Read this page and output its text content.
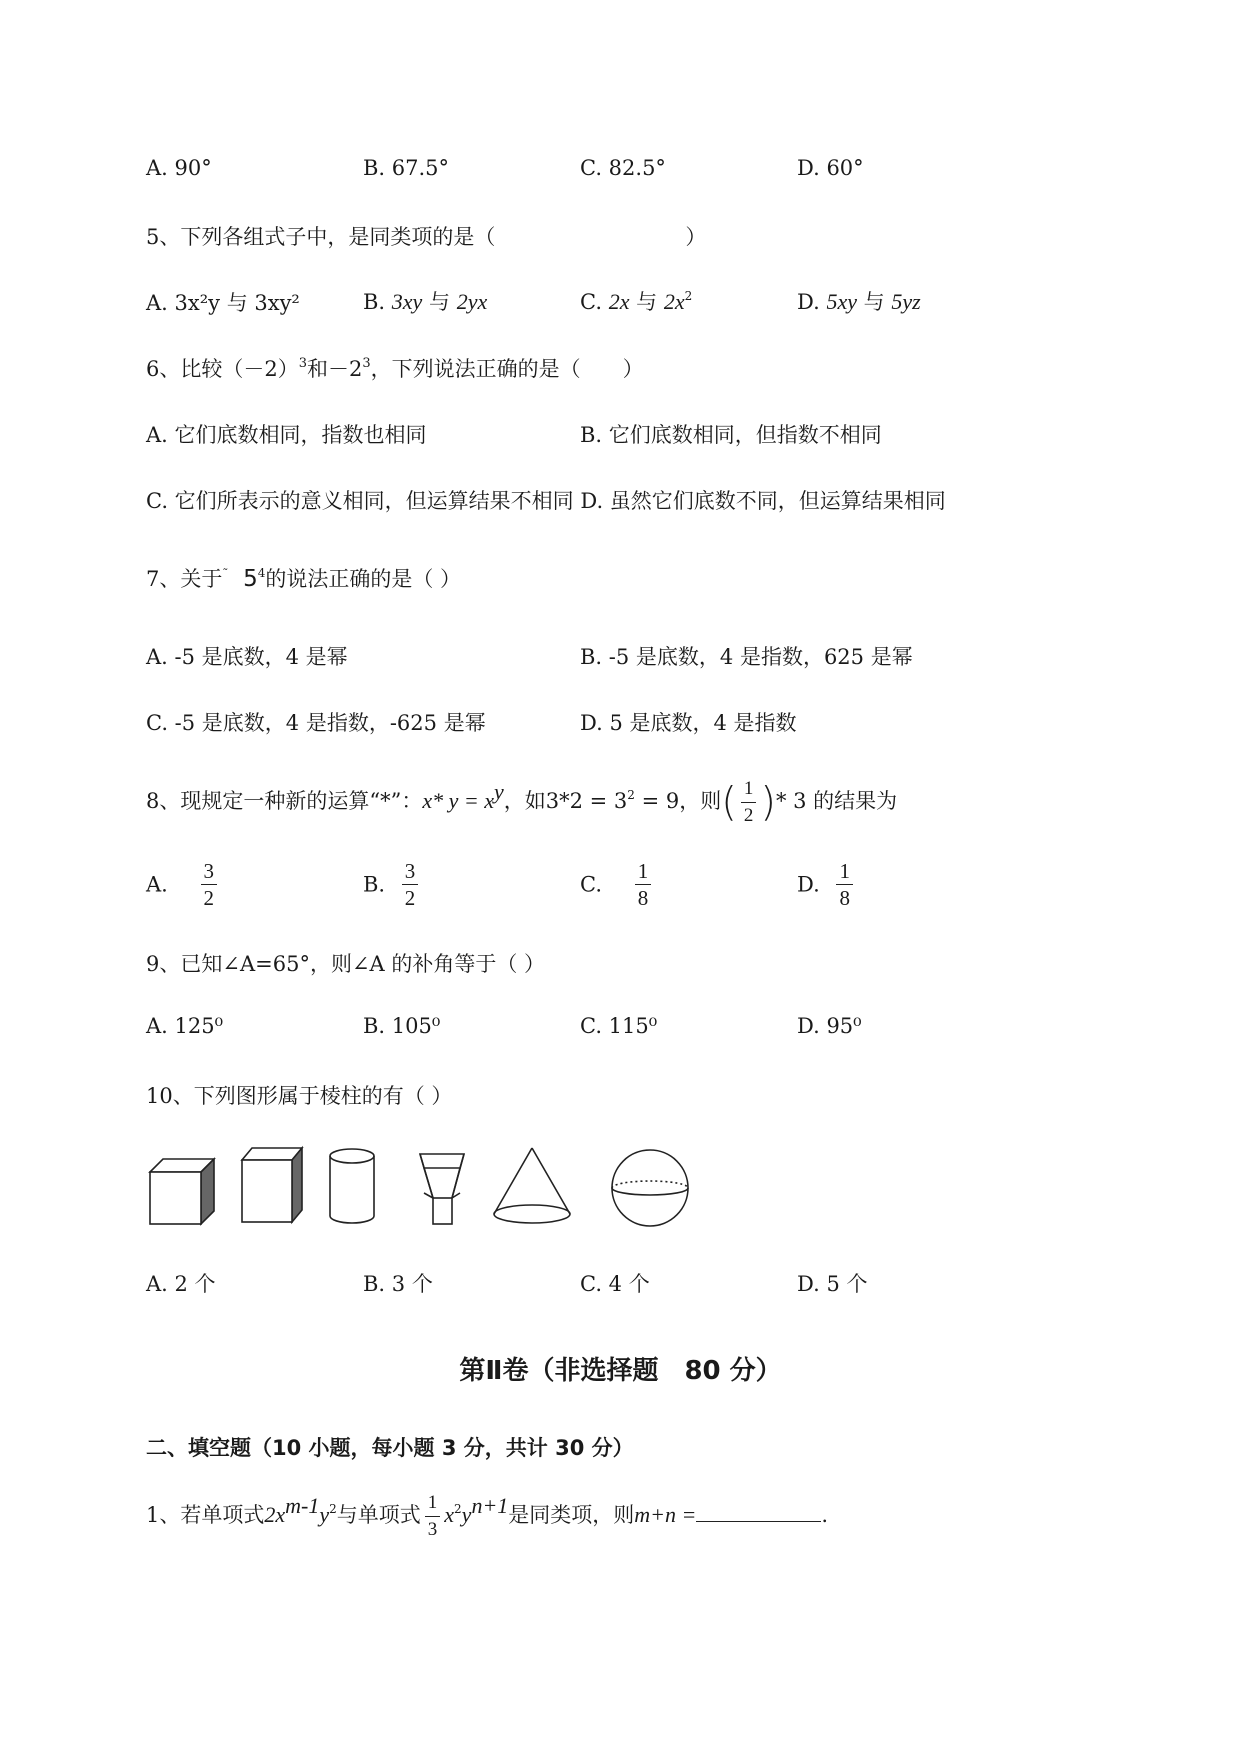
A. 90°	B. 67.5°	C. 82.5°	D. 60°
5、下列各组式子中，是同类项的是（	）
A. 3x²y 与 3xy²	B. 3xy 与 2yx	C. 2x 与 $2x^2$	D. 5xy 与 5yz
6、比较$(-2)^3$和$-2^3$，下列说法正确的是（　　）
A. 它们底数相同，指数也相同	B. 它们底数相同，但指数不相同
C. 它们所表示的意义相同，但运算结果不相同 D. 虽然它们底数不同，但运算结果相同
7、关于˜ $5^4$的说法正确的是（ ）
A. -5 是底数，4 是幂	B. -5 是底数，4 是指数，625 是幂
C. -5 是底数，4 是指数，-625 是幂	D. 5 是底数，4 是指数
8、现规定一种新的运算“*”：x* $y = x^y$，如$3*2 = 3^2 = 9$，则( $\frac{1}{2}$ )* 3 的结果为
A. $\frac{3}{2}$	B. $\frac{3}{2}$	C. $\frac{1}{8}$	D. $\frac{1}{8}$
9、已知∠A=65°，则∠A 的补角等于（ ）
A. 125⁰	B. 105⁰	C. 115⁰	D. 95⁰
10、下列图形属于棱柱的有（ ）
A. 2 个	B. 3 个	C. 4 个	D. 5 个
第Ⅱ卷（非选择题　80 分）
二、填空题（10 小题，每小题 3 分，共计 30 分）
1、若单项式$2x^{m-1}y^2$与单项式 $\frac{1}{3} x^2y^{n+1}$是同类项，则m+n =	.
